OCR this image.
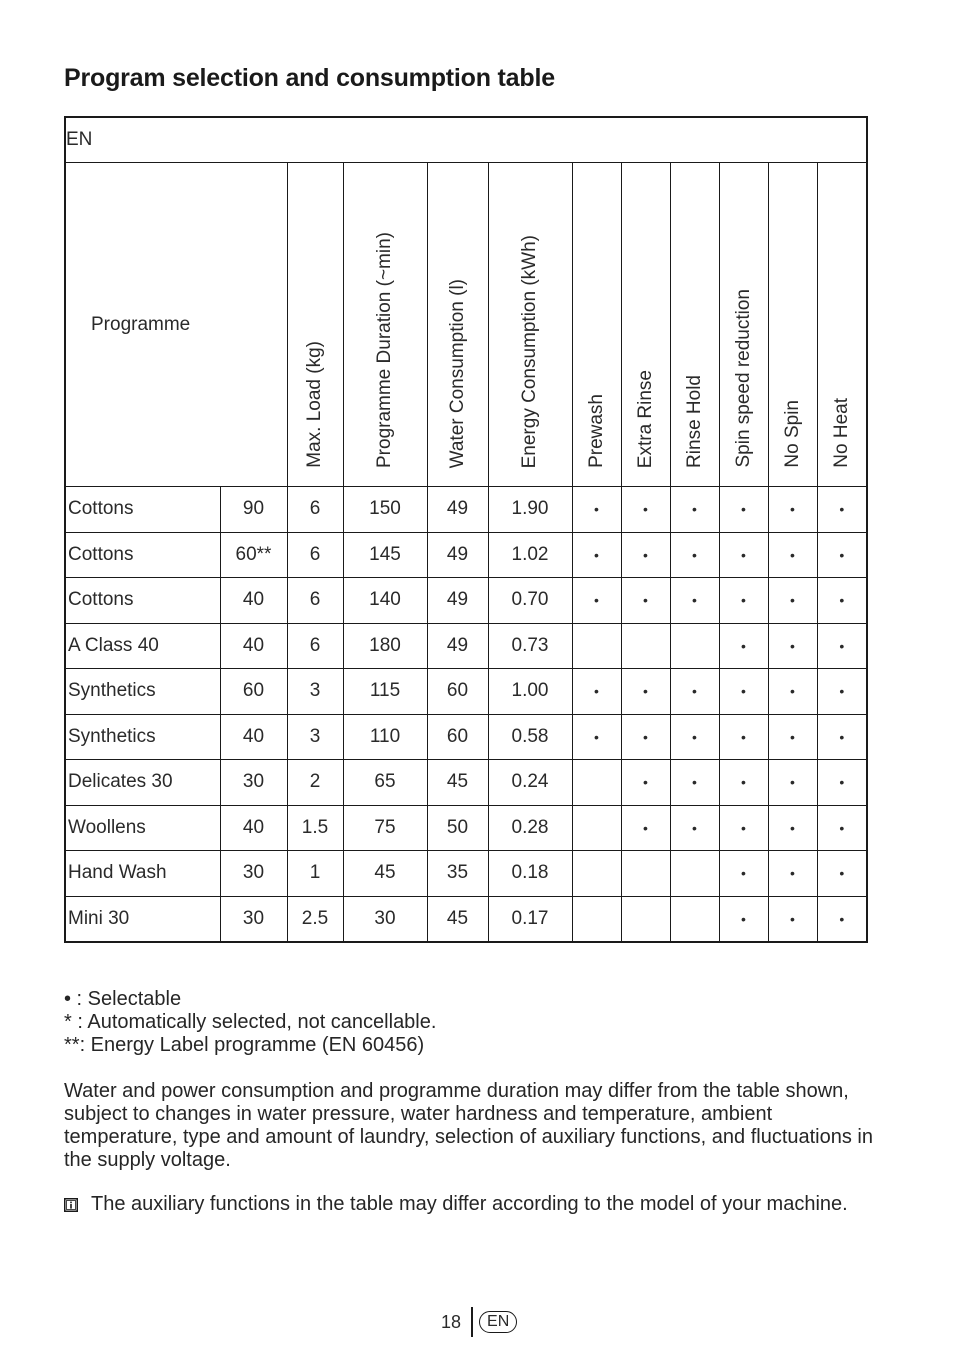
Program selection and consumption table
EN											
Programme		Max. Load (kg)	Programme Duration (~min)	Water Consumption (l)	Energy Consumption (kWh)	Prewash	Extra Rinse	Rinse Hold	Spin speed reduction	No Spin	No Heat
Cottons	90	6	150	49	1.90	•	•	•	•	•	•
Cottons	60**	6	145	49	1.02	•	•	•	•	•	•
Cottons	40	6	140	49	0.70	•	•	•	•	•	•
A Class 40	40	6	180	49	0.73				•	•	•
Synthetics	60	3	115	60	1.00	•	•	•	•	•	•
Synthetics	40	3	110	60	0.58	•	•	•	•	•	•
Delicates 30	30	2	65	45	0.24		•	•	•	•	•
Woollens	40	1.5	75	50	0.28		•	•	•	•	•
Hand Wash	30	1	45	35	0.18				•	•	•
Mini 30	30	2.5	30	45	0.17				•	•	•
• : Selectable
* : Automatically selected, not cancellable.
**: Energy Label programme (EN 60456)
Water and power consumption and programme duration may differ from the table shown, subject to changes in water pressure, water hardness and temperature, ambient temperature, type and amount of laundry, selection of auxiliary functions, and fluctuations in the supply voltage.
The auxiliary functions in the table may differ according to the model of your machine.
18	EN
